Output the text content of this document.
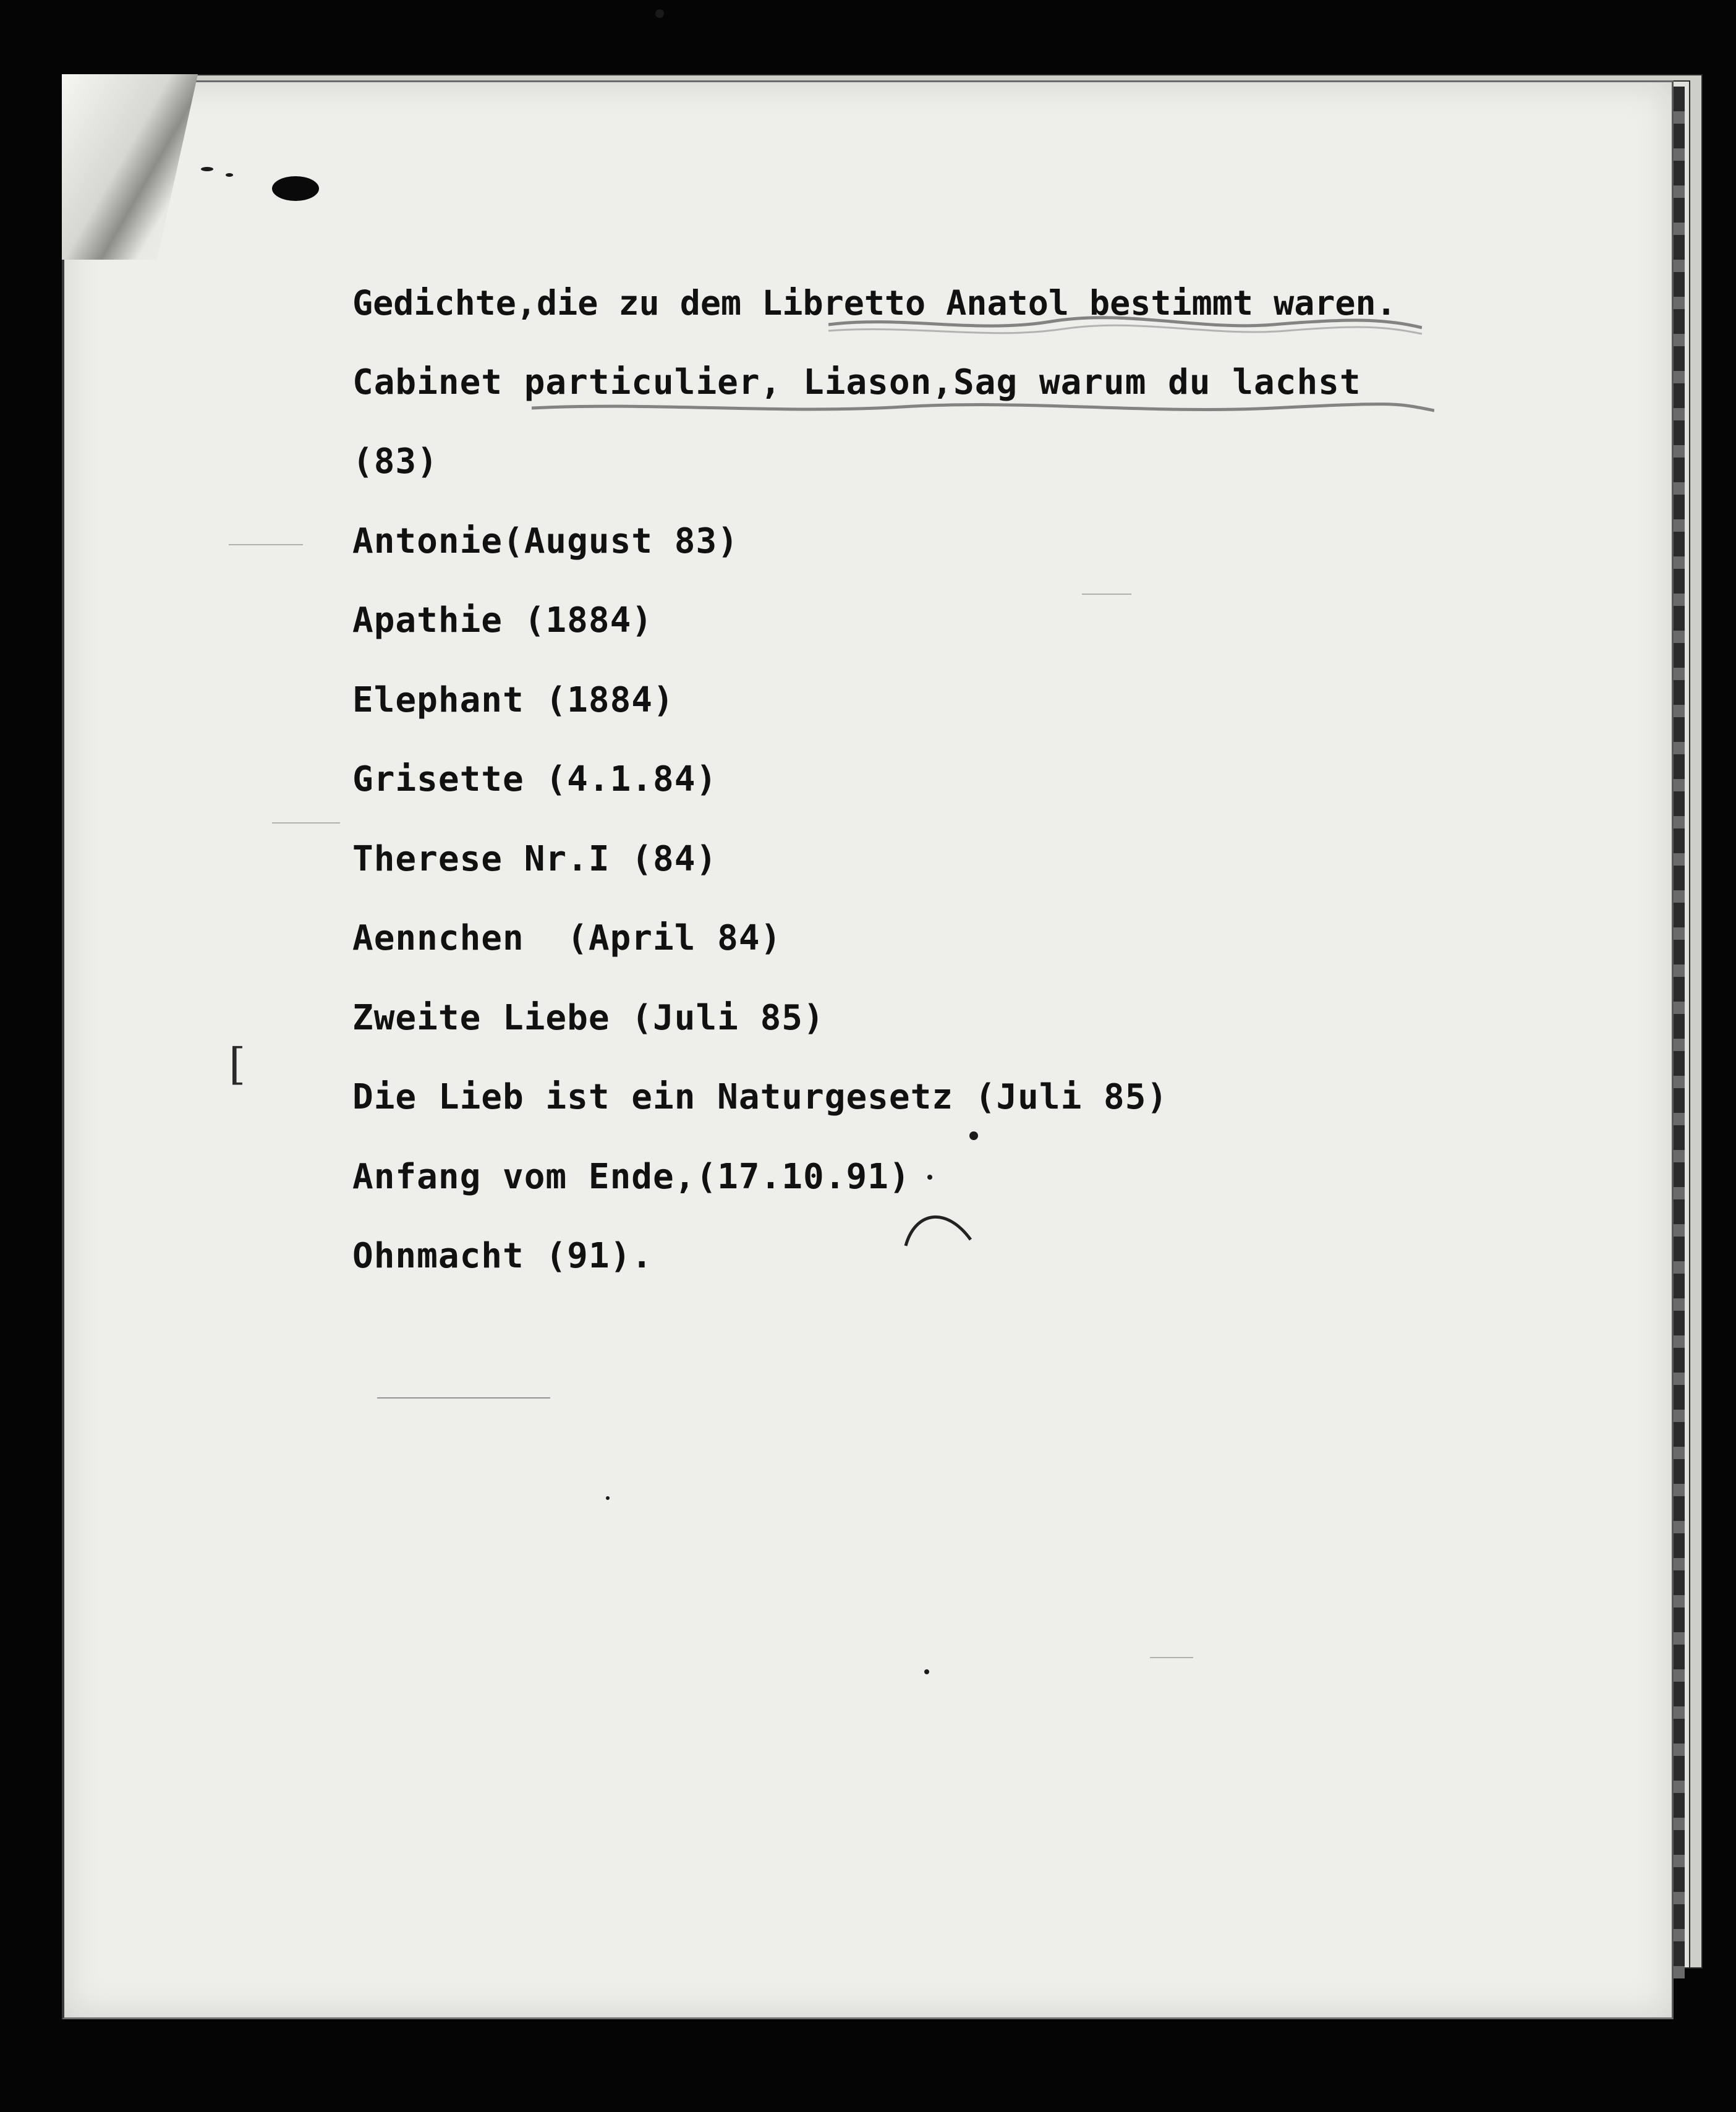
[
Gedichte,die zu dem Libretto Anatol bestimmt waren.
Cabinet particulier, Liason,Sag warum du lachst
(83)
Antonie(August 83)
Apathie (1884)
Elephant (1884)
Grisette (4.1.84)
Therese Nr.I (84)
Aennchen  (April 84)
Zweite Liebe (Juli 85)
Die Lieb ist ein Naturgesetz (Juli 85)
Anfang vom Ende,(17.10.91)
Ohnmacht (91).
